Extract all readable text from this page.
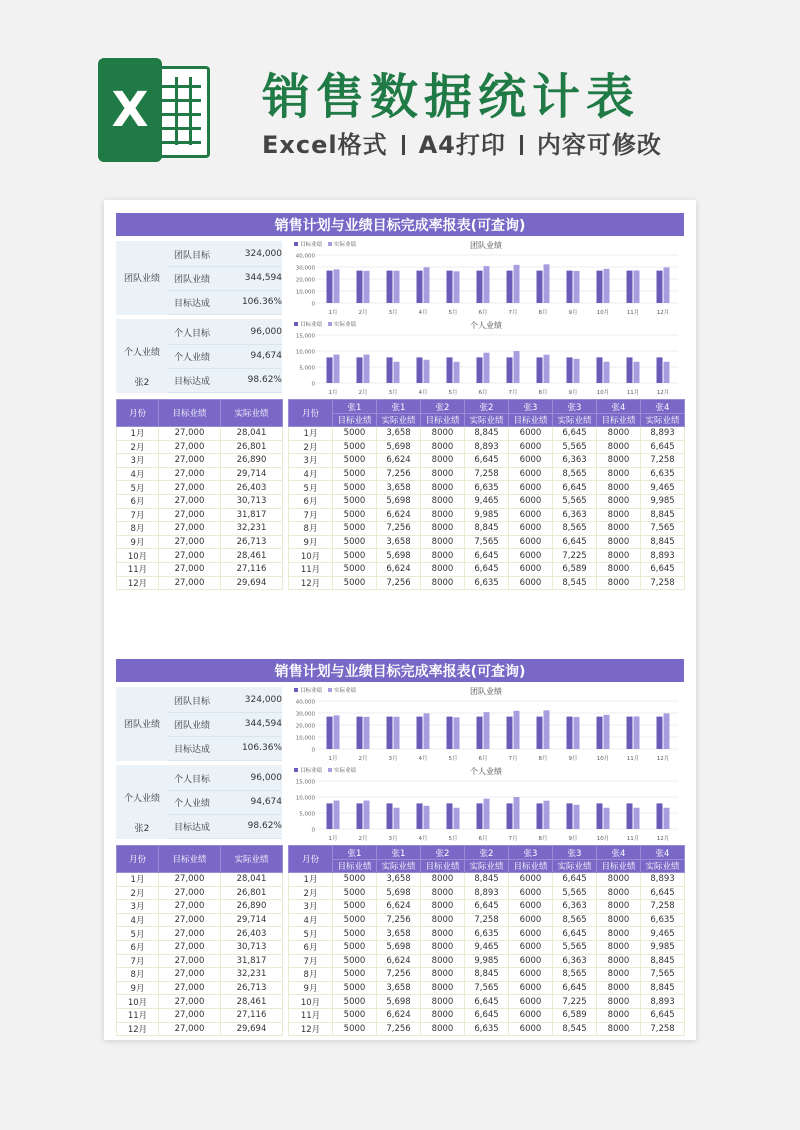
X 销售数据统计表
Excel格式 A4打印 内容可修改
销售计划与业绩目标完成率报表(可查询)
团队业绩
团队目标	324,000
团队业绩	344,594
目标达成	106.36%
个人业绩
张2
个人目标	96,000
个人业绩	94,674
目标达成	98.62%
40,000
30,000
20,000
10,000
0
目标业绩 实际业绩	团队业绩
1月	2月	3月	4月	5月	6月	7月	8月	9月	10月	11月	12月
15,000
10,000
5,000
0
目标业绩 实际业绩	个人业绩
1月	2月	3月	4月	5月	6月	7月	8月	9月	10月	11月	12月
月份	目标业绩	实际业绩
1月	27,000	28,041
2月	27,000	26,801
3月	27,000	26,890
4月	27,000	29,714
5月	27,000	26,403
6月	27,000	30,713
7月	27,000	31,817
8月	27,000	32,231
9月	27,000	26,713
10月	27,000	28,461
11月	27,000	27,116
12月	27,000	29,694
月份	张1	张1	张2	张2	张3	张3	张4	张4
	目标业绩	实际业绩	目标业绩	实际业绩	目标业绩	实际业绩	目标业绩	实际业绩
1月	5000	3,658	8000	8,845	6000	6,645	8000	8,893
2月	5000	5,698	8000	8,893	6000	5,565	8000	6,645
3月	5000	6,624	8000	6,645	6000	6,363	8000	7,258
4月	5000	7,256	8000	7,258	6000	8,565	8000	6,635
5月	5000	3,658	8000	6,635	6000	6,645	8000	9,465
6月	5000	5,698	8000	9,465	6000	5,565	8000	9,985
7月	5000	6,624	8000	9,985	6000	6,363	8000	8,845
8月	5000	7,256	8000	8,845	6000	8,565	8000	7,565
9月	5000	3,658	8000	7,565	6000	6,645	8000	8,845
10月	5000	5,698	8000	6,645	6000	7,225	8000	8,893
11月	5000	6,624	8000	6,645	6000	6,589	8000	6,645
12月	5000	7,256	8000	6,635	6000	8,545	8000	7,258
销售计划与业绩目标完成率报表(可查询)
团队业绩
团队目标	324,000
团队业绩	344,594
目标达成	106.36%
个人业绩
张2
个人目标	96,000
个人业绩	94,674
目标达成	98.62%
40,000
30,000
20,000
10,000
0
目标业绩 实际业绩	团队业绩
1月	2月	3月	4月	5月	6月	7月	8月	9月	10月	11月	12月
15,000
10,000
5,000
0
目标业绩 实际业绩	个人业绩
1月	2月	3月	4月	5月	6月	7月	8月	9月	10月	11月	12月
月份	目标业绩	实际业绩
1月	27,000	28,041
2月	27,000	26,801
3月	27,000	26,890
4月	27,000	29,714
5月	27,000	26,403
6月	27,000	30,713
7月	27,000	31,817
8月	27,000	32,231
9月	27,000	26,713
10月	27,000	28,461
11月	27,000	27,116
12月	27,000	29,694
月份	张1	张1	张2	张2	张3	张3	张4	张4
	目标业绩	实际业绩	目标业绩	实际业绩	目标业绩	实际业绩	目标业绩	实际业绩
1月	5000	3,658	8000	8,845	6000	6,645	8000	8,893
2月	5000	5,698	8000	8,893	6000	5,565	8000	6,645
3月	5000	6,624	8000	6,645	6000	6,363	8000	7,258
4月	5000	7,256	8000	7,258	6000	8,565	8000	6,635
5月	5000	3,658	8000	6,635	6000	6,645	8000	9,465
6月	5000	5,698	8000	9,465	6000	5,565	8000	9,985
7月	5000	6,624	8000	9,985	6000	6,363	8000	8,845
8月	5000	7,256	8000	8,845	6000	8,565	8000	7,565
9月	5000	3,658	8000	7,565	6000	6,645	8000	8,845
10月	5000	5,698	8000	6,645	6000	7,225	8000	8,893
11月	5000	6,624	8000	6,645	6000	6,589	8000	6,645
12月	5000	7,256	8000	6,635	6000	8,545	8000	7,258
